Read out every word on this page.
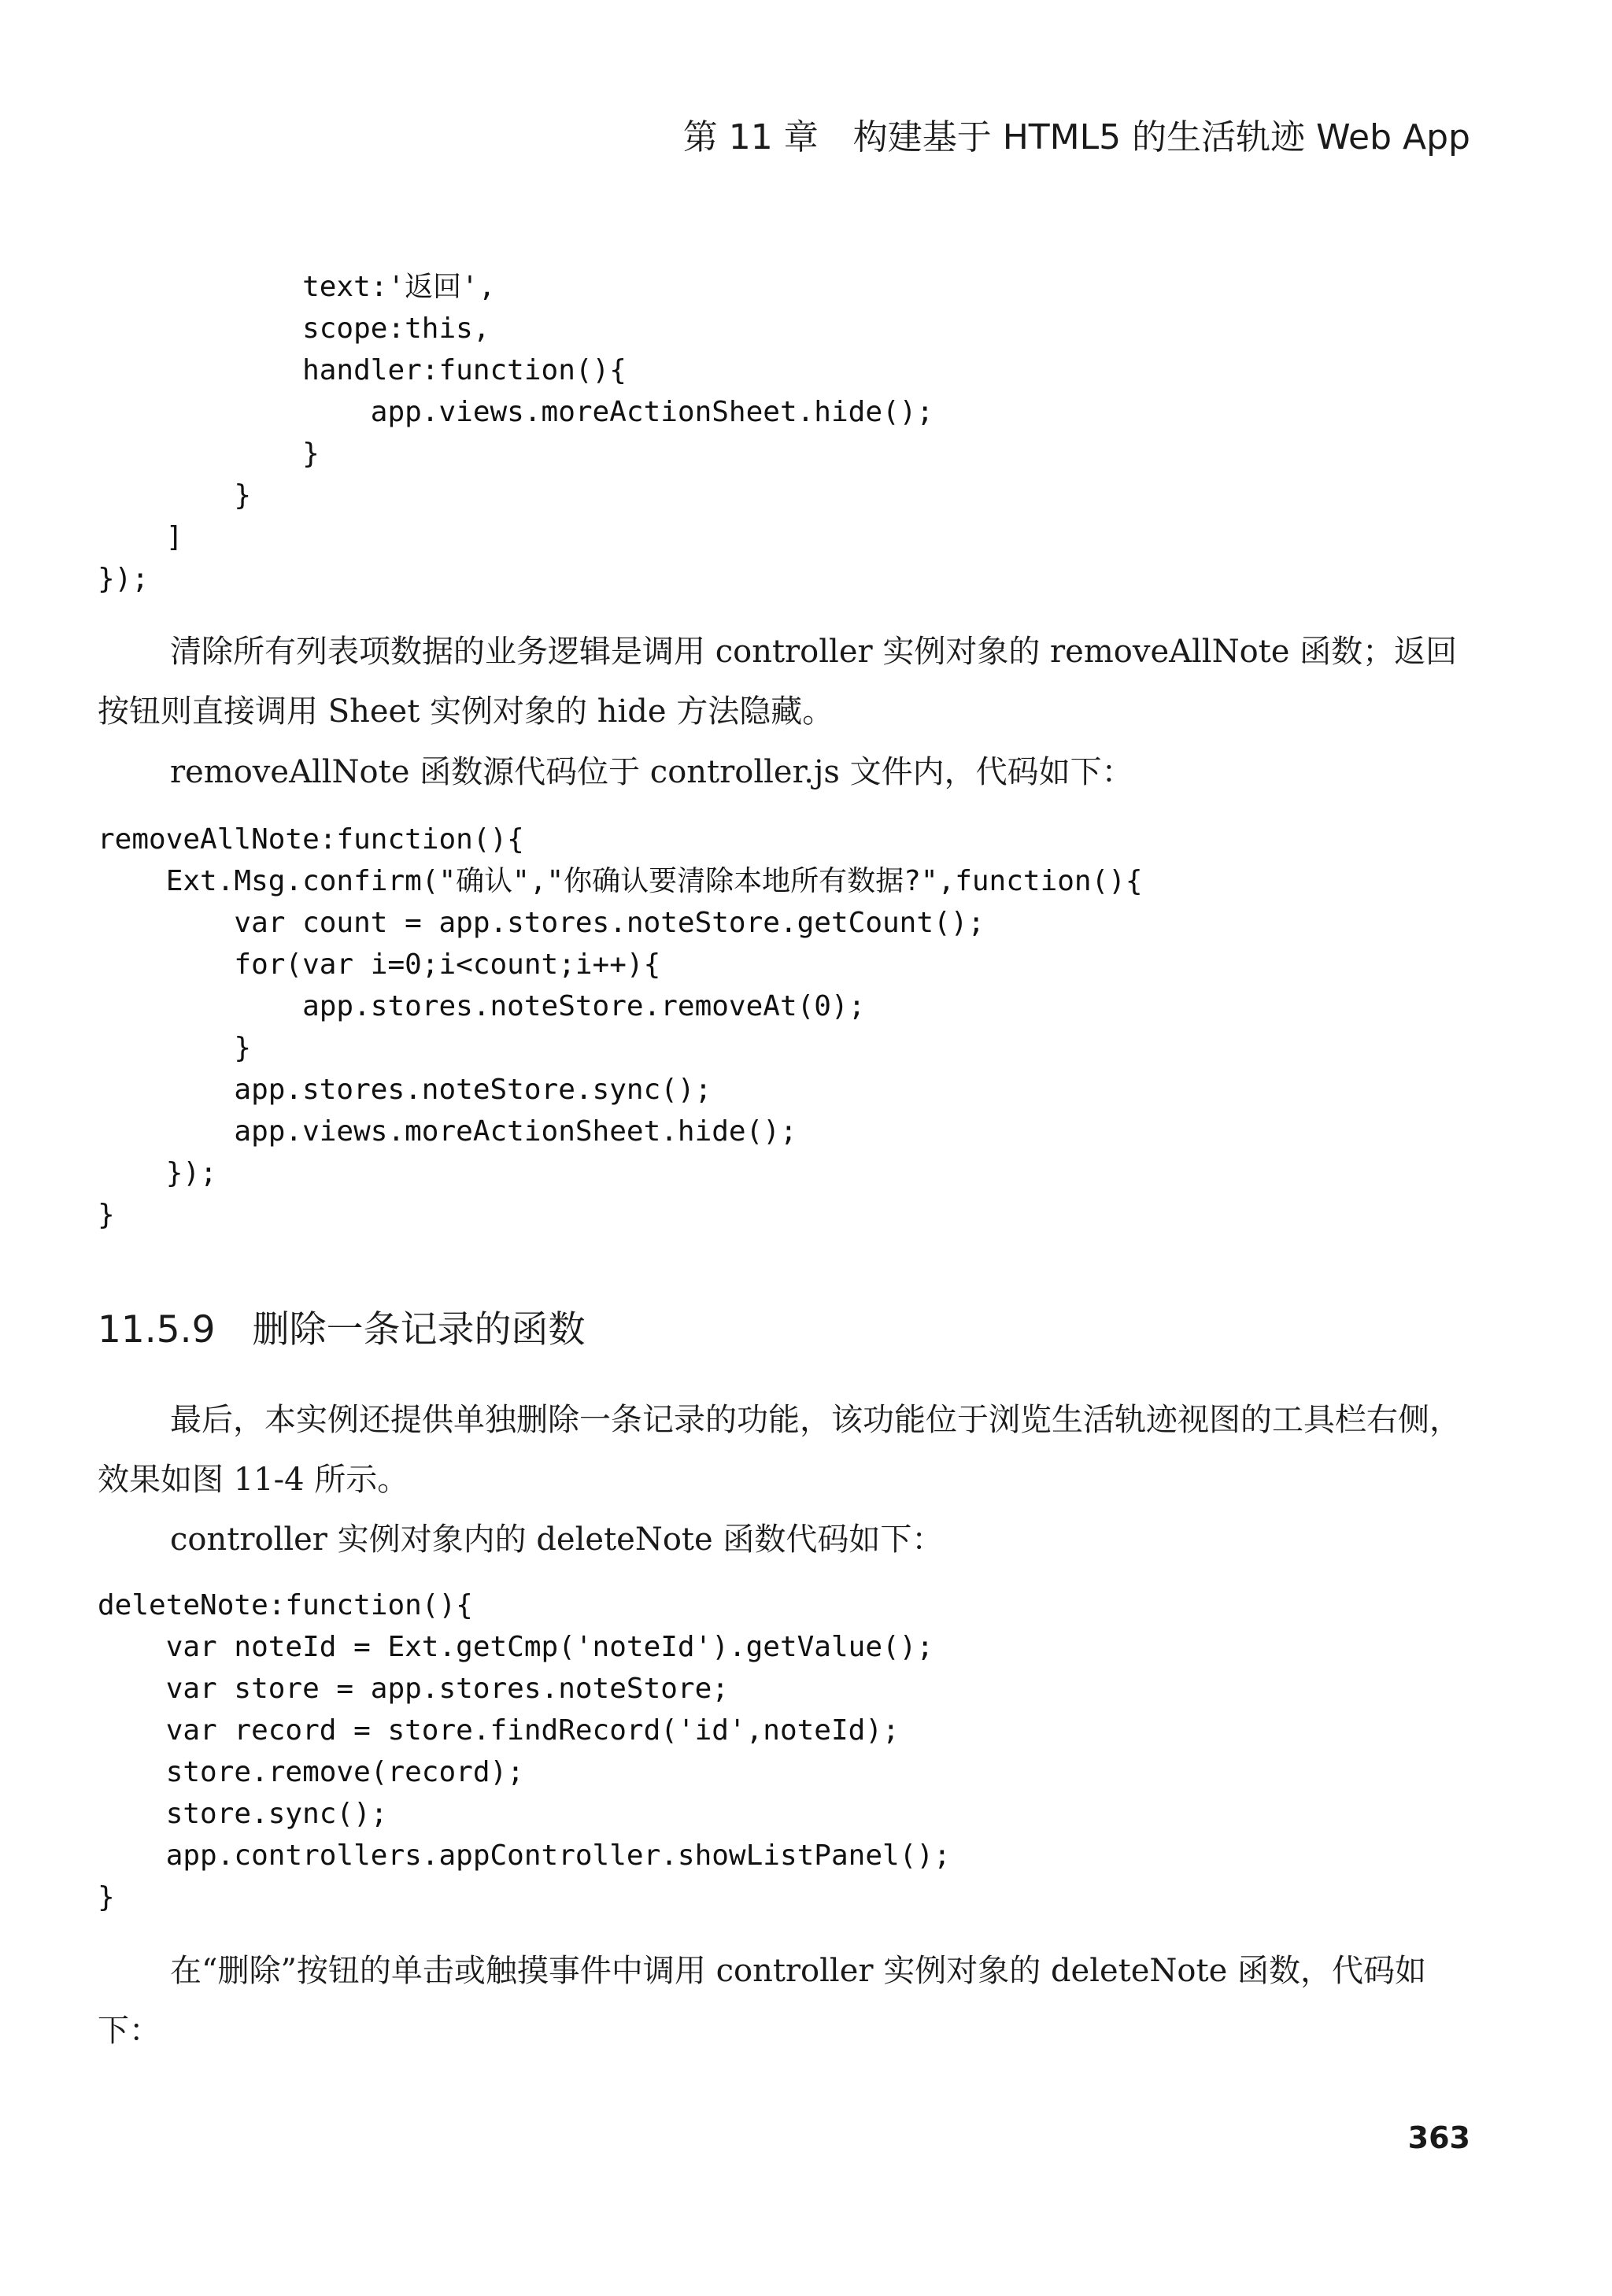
第 11 章　构建基于 HTML5 的生活轨迹 Web App
text:'返回',
scope:this,
handler:function(){
app.views.moreActionSheet.hide();
}
}
]
});

清除所有列表项数据的业务逻辑是调用 controller 实例对象的 removeAllNote 函数；返回按钮则直接调用 Sheet 实例对象的 hide 方法隐藏。

removeAllNote 函数源代码位于 controller.js 文件内，代码如下：

removeAllNote:function(){
Ext.Msg.confirm("确认","你确认要清除本地所有数据?",function(){
var count = app.stores.noteStore.getCount();
for(var i=0;i<count;i++){
app.stores.noteStore.removeAt(0);
}
app.stores.noteStore.sync();
app.views.moreActionSheet.hide();
});
}
11.5.9　删除一条记录的函数

最后，本实例还提供单独删除一条记录的功能，该功能位于浏览生活轨迹视图的工具栏右侧，效果如图 11-4 所示。

controller 实例对象内的 deleteNote 函数代码如下：

deleteNote:function(){
var noteId = Ext.getCmp('noteId').getValue();
var store = app.stores.noteStore;
var record = store.findRecord('id',noteId);
store.remove(record);
store.sync();
app.controllers.appController.showListPanel();
}

在“删除”按钮的单击或触摸事件中调用 controller 实例对象的 deleteNote 函数，代码如下：

363
